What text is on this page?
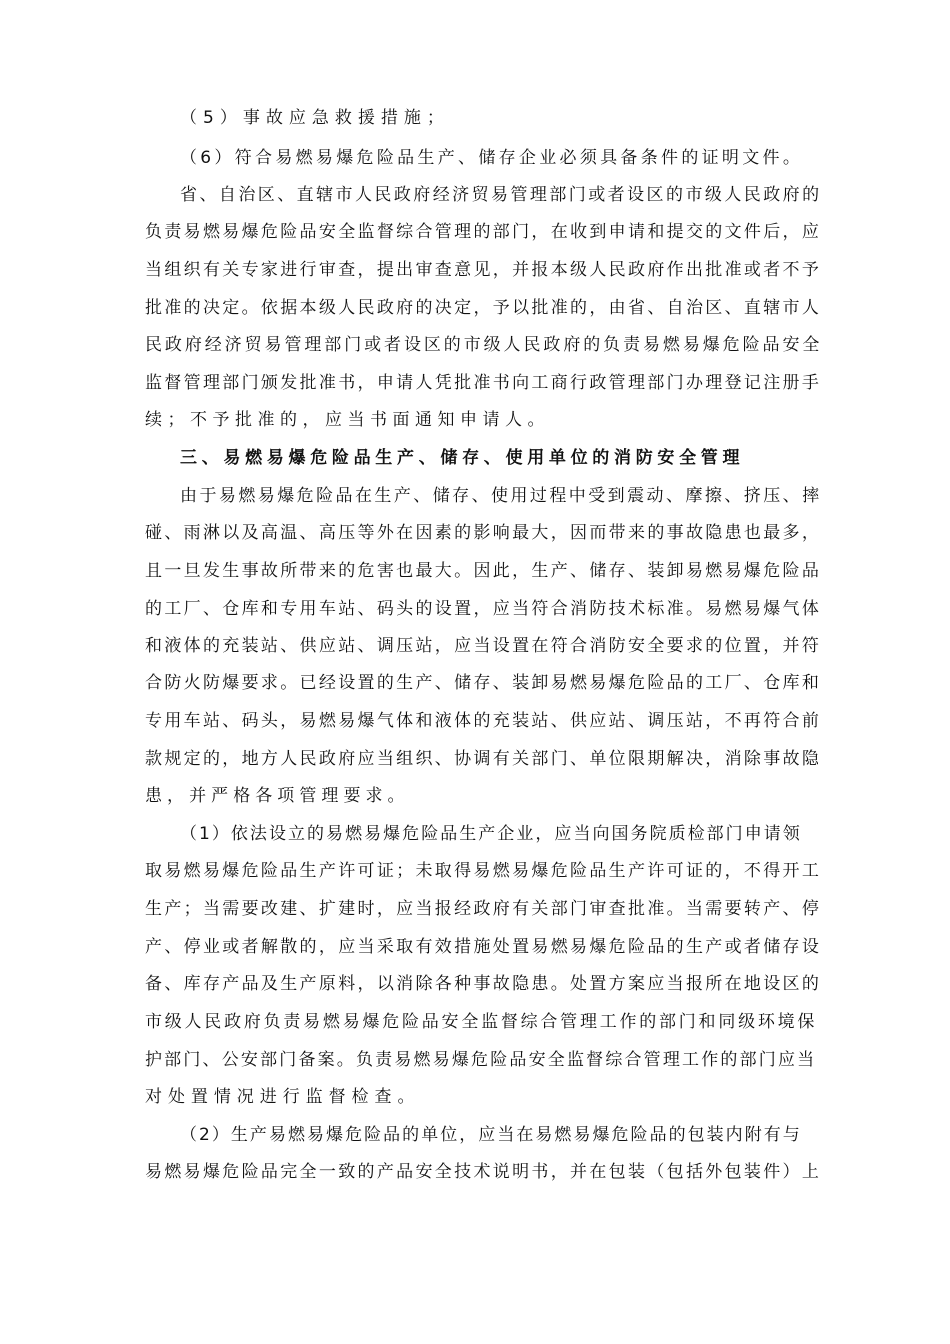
（5）事故应急救援措施；
（6）符合易燃易爆危险品生产、储存企业必须具备条件的证明文件。
省、自治区、直辖市人民政府经济贸易管理部门或者设区的市级人民政府的
负责易燃易爆危险品安全监督综合管理的部门，在收到申请和提交的文件后，应
当组织有关专家进行审查，提出审查意见，并报本级人民政府作出批准或者不予
批准的决定。依据本级人民政府的决定，予以批准的，由省、自治区、直辖市人
民政府经济贸易管理部门或者设区的市级人民政府的负责易燃易爆危险品安全
监督管理部门颁发批准书，申请人凭批准书向工商行政管理部门办理登记注册手
续；不予批准的，应当书面通知申请人。
三、易燃易爆危险品生产、储存、使用单位的消防安全管理
由于易燃易爆危险品在生产、储存、使用过程中受到震动、摩擦、挤压、摔
碰、雨淋以及高温、高压等外在因素的影响最大，因而带来的事故隐患也最多，
且一旦发生事故所带来的危害也最大。因此，生产、储存、装卸易燃易爆危险品
的工厂、仓库和专用车站、码头的设置，应当符合消防技术标准。易燃易爆气体
和液体的充装站、供应站、调压站，应当设置在符合消防安全要求的位置，并符
合防火防爆要求。已经设置的生产、储存、装卸易燃易爆危险品的工厂、仓库和
专用车站、码头，易燃易爆气体和液体的充装站、供应站、调压站，不再符合前
款规定的，地方人民政府应当组织、协调有关部门、单位限期解决，消除事故隐
患，并严格各项管理要求。
（1）依法设立的易燃易爆危险品生产企业，应当向国务院质检部门申请领
取易燃易爆危险品生产许可证；未取得易燃易爆危险品生产许可证的，不得开工
生产；当需要改建、扩建时，应当报经政府有关部门审查批准。当需要转产、停
产、停业或者解散的，应当采取有效措施处置易燃易爆危险品的生产或者储存设
备、库存产品及生产原料，以消除各种事故隐患。处置方案应当报所在地设区的
市级人民政府负责易燃易爆危险品安全监督综合管理工作的部门和同级环境保
护部门、公安部门备案。负责易燃易爆危险品安全监督综合管理工作的部门应当
对处置情况进行监督检查。
（2）生产易燃易爆危险品的单位，应当在易燃易爆危险品的包装内附有与
易燃易爆危险品完全一致的产品安全技术说明书，并在包装（包括外包装件）上
